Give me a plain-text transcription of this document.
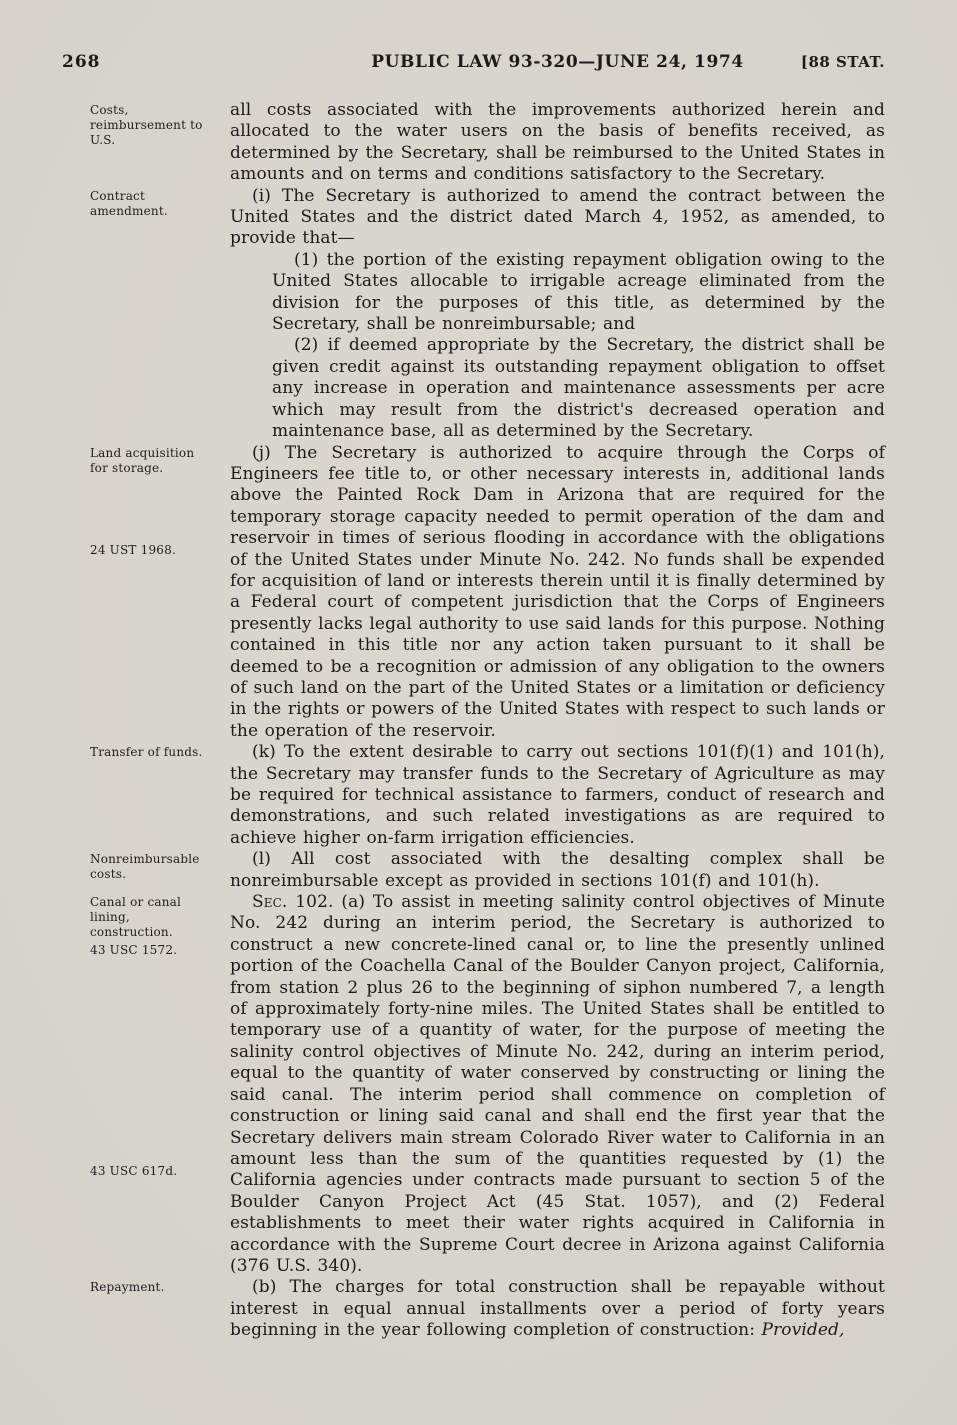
268	PUBLIC LAW 93-320—JUNE 24, 1974	[88 STAT.
Costs, reimbursement to U.S.

all costs associated with the improvements authorized herein and allocated to the water users on the basis of benefits received, as determined by the Secretary, shall be reimbursed to the United States in amounts and on terms and conditions satisfactory to the Secretary.

Contract amendment.

(i) The Secretary is authorized to amend the contract between the United States and the district dated March 4, 1952, as amended, to provide that—

(1) the portion of the existing repayment obligation owing to the United States allocable to irrigable acreage eliminated from the division for the purposes of this title, as determined by the Secretary, shall be nonreimbursable; and

(2) if deemed appropriate by the Secretary, the district shall be given credit against its outstanding repayment obligation to offset any increase in operation and maintenance assessments per acre which may result from the district's decreased operation and maintenance base, all as determined by the Secretary.

Land acquisition for storage.
24 UST 1968.

(j) The Secretary is authorized to acquire through the Corps of Engineers fee title to, or other necessary interests in, additional lands above the Painted Rock Dam in Arizona that are required for the temporary storage capacity needed to permit operation of the dam and reservoir in times of serious flooding in accordance with the obligations of the United States under Minute No. 242. No funds shall be expended for acquisition of land or interests therein until it is finally determined by a Federal court of competent jurisdiction that the Corps of Engineers presently lacks legal authority to use said lands for this purpose. Nothing contained in this title nor any action taken pursuant to it shall be deemed to be a recognition or admission of any obligation to the owners of such land on the part of the United States or a limitation or deficiency in the rights or powers of the United States with respect to such lands or the operation of the reservoir.

Transfer of funds.	(k) To the extent desirable to carry out sections 101(f)(1) and 101(h), the Secretary may transfer funds to the Secretary of Agriculture as may be required for technical assistance to farmers, conduct of research and demonstrations, and such related investigations as are required to achieve higher on-farm irrigation efficiencies.

Nonreimbursable costs.

(l) All cost associated with the desalting complex shall be nonreimbursable except as provided in sections 101(f) and 101(h).

Canal or canal lining, construction.
43 USC 1572.
43 USC 617d.

Sec. 102. (a) To assist in meeting salinity control objectives of Minute No. 242 during an interim period, the Secretary is authorized to construct a new concrete-lined canal or, to line the presently unlined portion of the Coachella Canal of the Boulder Canyon project, California, from station 2 plus 26 to the beginning of siphon numbered 7, a length of approximately forty-nine miles. The United States shall be entitled to temporary use of a quantity of water, for the purpose of meeting the salinity control objectives of Minute No. 242, during an interim period, equal to the quantity of water conserved by constructing or lining the said canal. The interim period shall commence on completion of construction or lining said canal and shall end the first year that the Secretary delivers main stream Colorado River water to California in an amount less than the sum of the quantities requested by (1) the California agencies under contracts made pursuant to section 5 of the Boulder Canyon Project Act (45 Stat. 1057), and (2) Federal establishments to meet their water rights acquired in California in accordance with the Supreme Court decree in Arizona against California (376 U.S. 340).

Repayment.	(b) The charges for total construction shall be repayable without interest in equal annual installments over a period of forty years beginning in the year following completion of construction: Provided,
